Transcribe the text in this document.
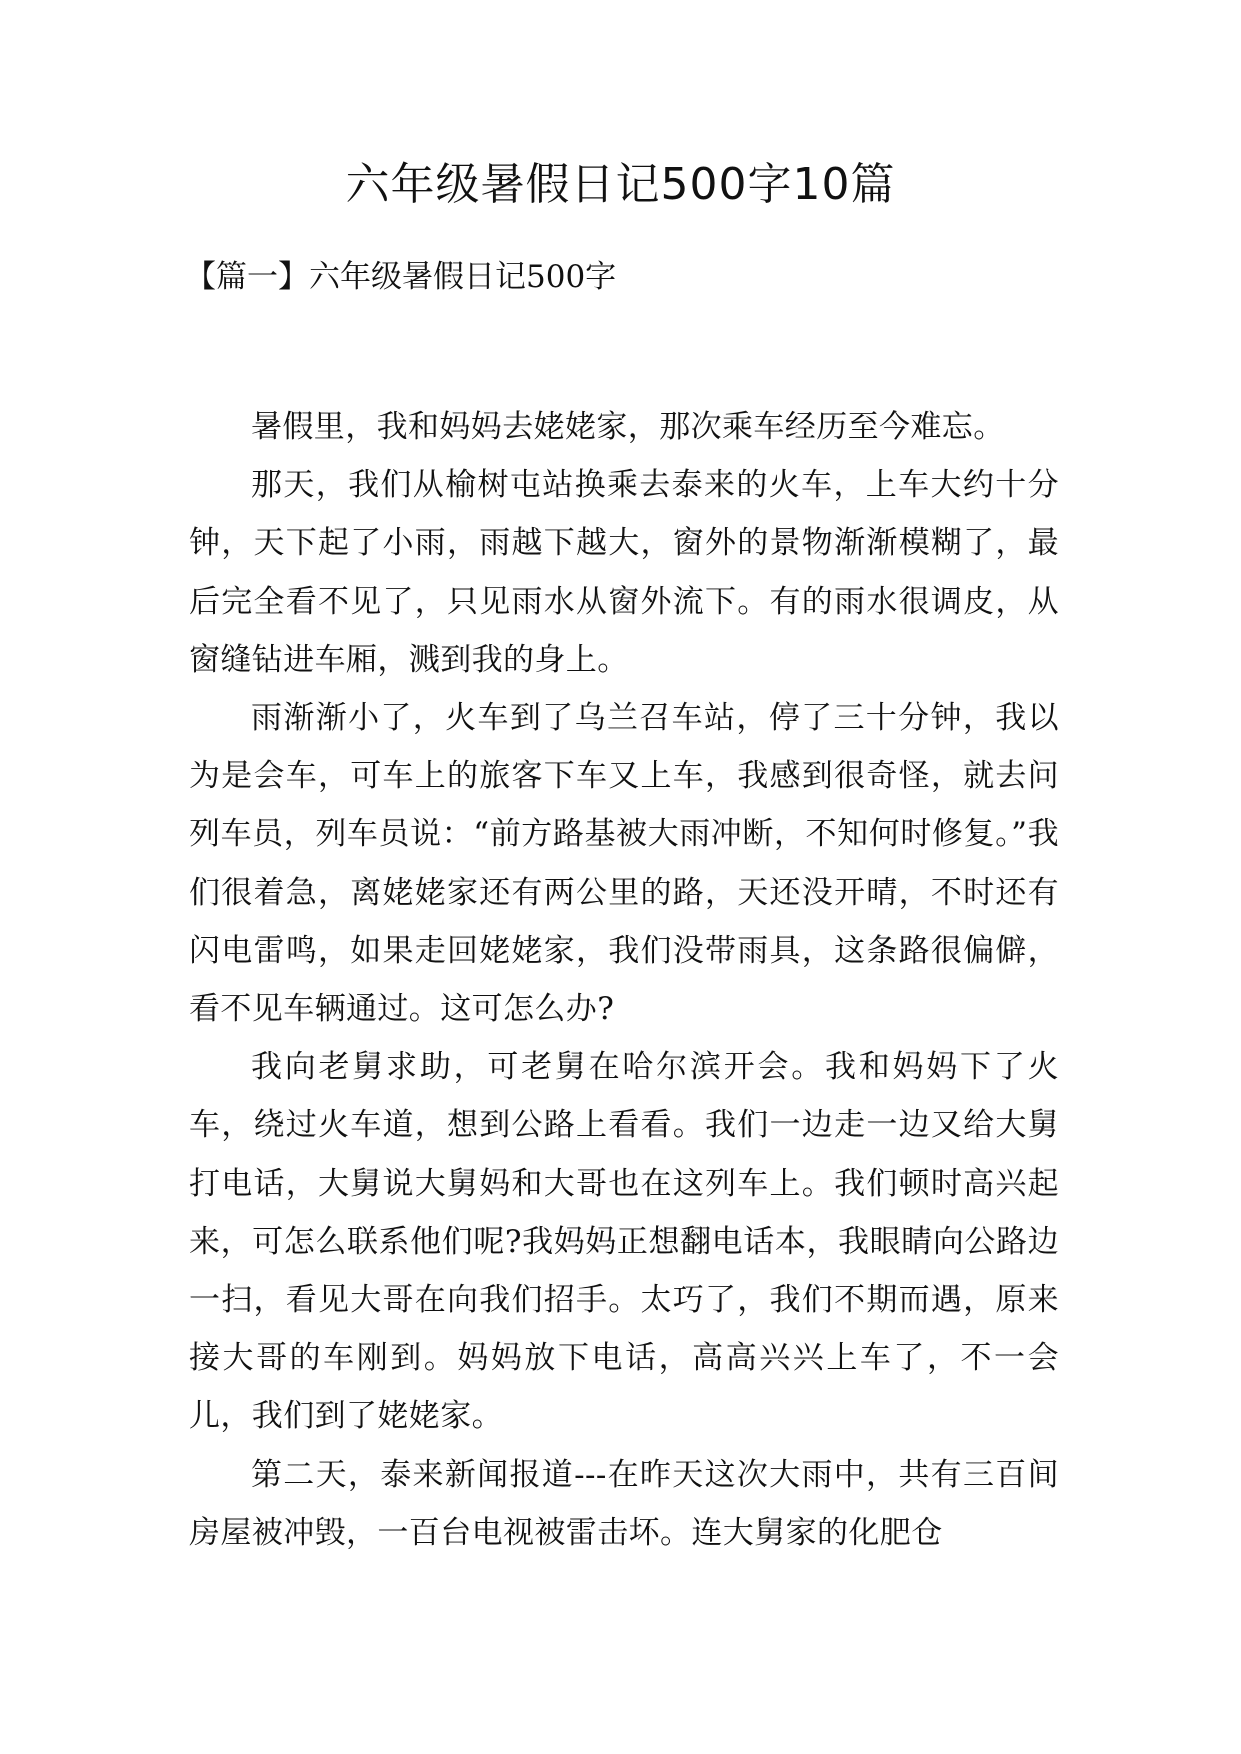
六年级暑假日记500字10篇
【篇一】六年级暑假日记500字

暑假里，我和妈妈去姥姥家，那次乘车经历至今难忘。

那天，我们从榆树屯站换乘去泰来的火车，上车大约十分钟，天下起了小雨，雨越下越大，窗外的景物渐渐模糊了，最后完全看不见了，只见雨水从窗外流下。有的雨水很调皮，从窗缝钻进车厢，溅到我的身上。

雨渐渐小了，火车到了乌兰召车站，停了三十分钟，我以为是会车，可车上的旅客下车又上车，我感到很奇怪，就去问列车员，列车员说：“前方路基被大雨冲断，不知何时修复。”我们很着急，离姥姥家还有两公里的路，天还没开晴，不时还有闪电雷鸣，如果走回姥姥家，我们没带雨具，这条路很偏僻，看不见车辆通过。这可怎么办?

我向老舅求助，可老舅在哈尔滨开会。我和妈妈下了火车，绕过火车道，想到公路上看看。我们一边走一边又给大舅打电话，大舅说大舅妈和大哥也在这列车上。我们顿时高兴起来，可怎么联系他们呢?我妈妈正想翻电话本，我眼睛向公路边一扫，看见大哥在向我们招手。太巧了，我们不期而遇，原来接大哥的车刚到。妈妈放下电话，高高兴兴上车了，不一会儿，我们到了姥姥家。

第二天，泰来新闻报道---在昨天这次大雨中，共有三百间房屋被冲毁，一百台电视被雷击坏。连大舅家的化肥仓
